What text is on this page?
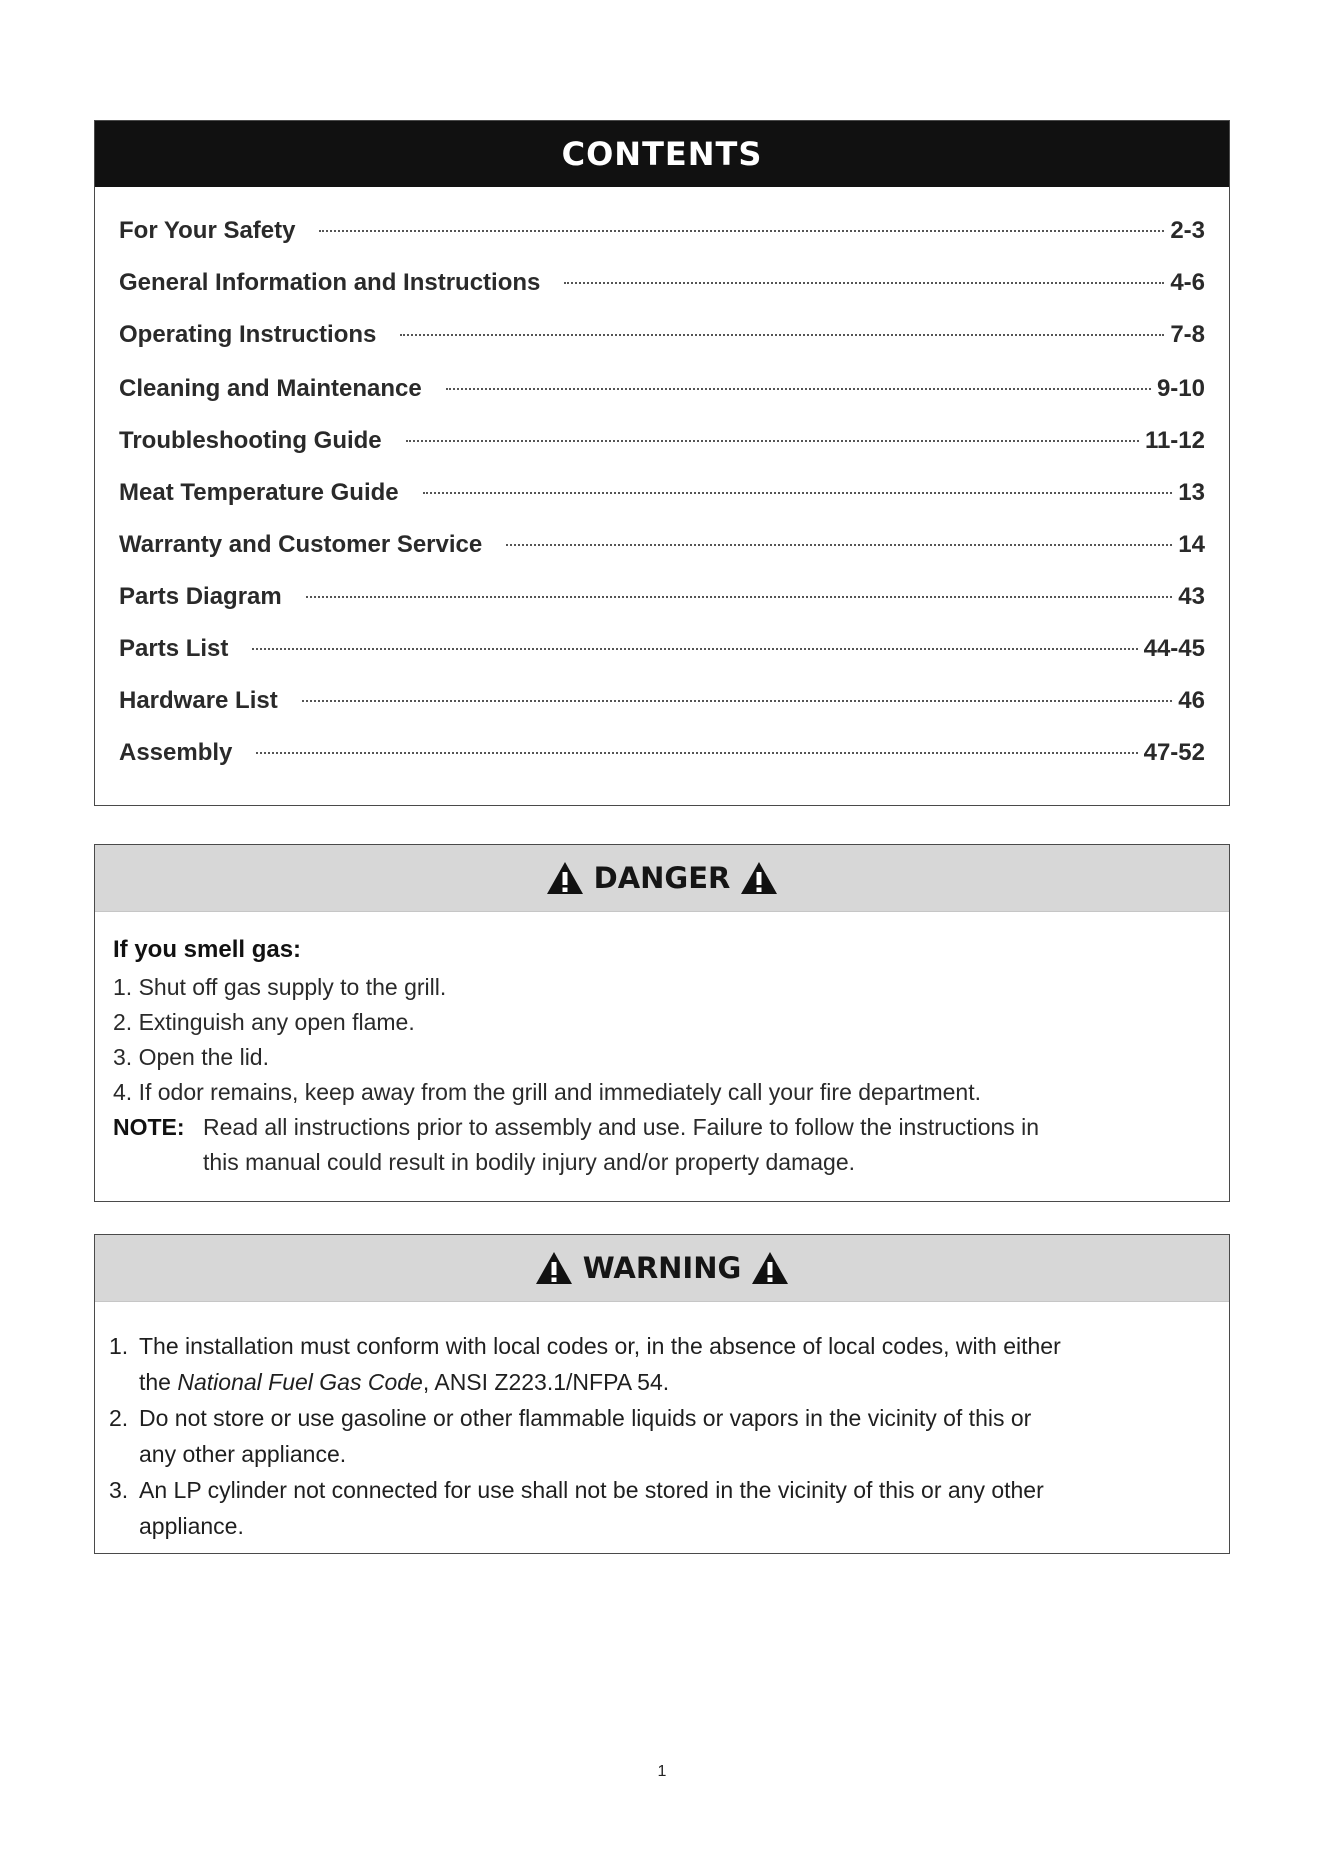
CONTENTS
For Your Safety	2-3
General Information and Instructions	4-6
Operating Instructions	7-8
Cleaning and Maintenance	9-10
Troubleshooting Guide	11-12
Meat Temperature Guide	13
Warranty and Customer Service	14
Parts Diagram	43
Parts List	44-45
Hardware List	46
Assembly	47-52
DANGER
If you smell gas:
1. Shut off gas supply to the grill.
2. Extinguish any open flame.
3. Open the lid.
4. If odor remains, keep away from the grill and immediately call your fire department.
NOTE: Read all instructions prior to assembly and use. Failure to follow the instructions in
this manual could result in bodily injury and/or property damage.
WARNING
1. The installation must conform with local codes or, in the absence of local codes, with either
the National Fuel Gas Code, ANSI Z223.1/NFPA 54.
2. Do not store or use gasoline or other flammable liquids or vapors in the vicinity of this or
any other appliance.
3. An LP cylinder not connected for use shall not be stored in the vicinity of this or any other
appliance.
1
